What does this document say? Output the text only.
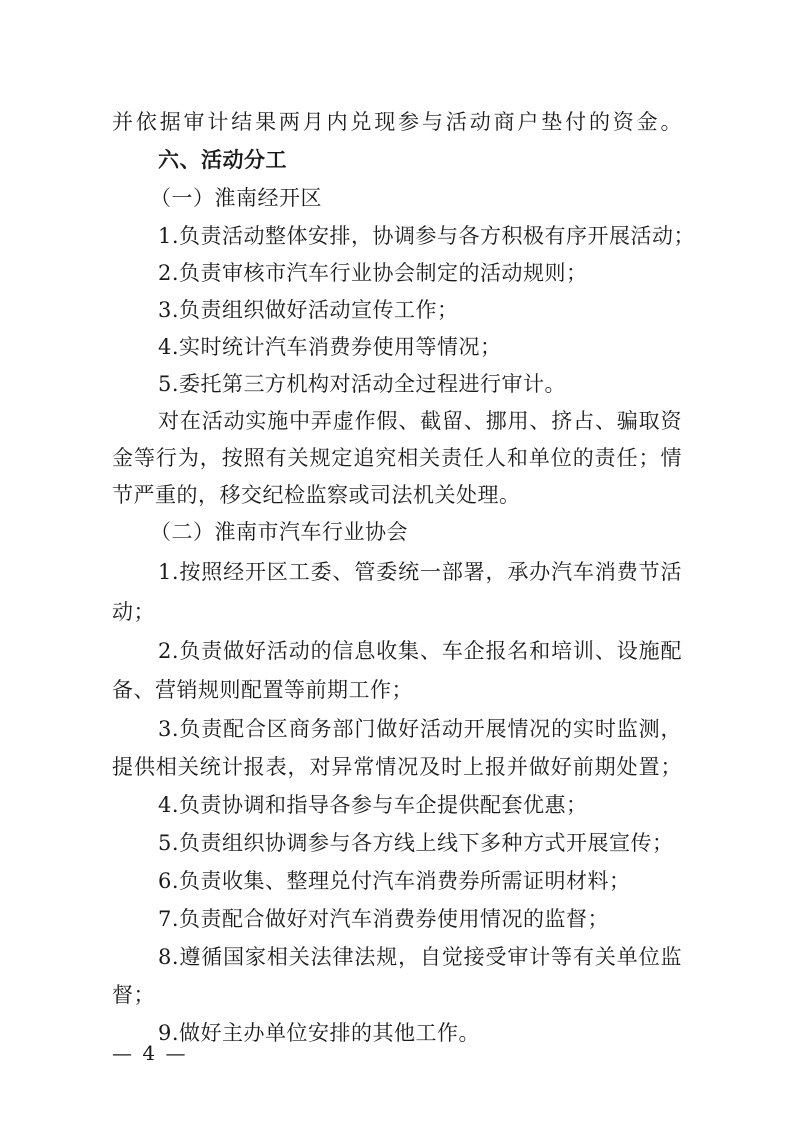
并依据审计结果两月内兑现参与活动商户垫付的资金。
六、活动分工
（一）淮南经开区
1.负责活动整体安排，协调参与各方积极有序开展活动；
2.负责审核市汽车行业协会制定的活动规则；
3.负责组织做好活动宣传工作；
4.实时统计汽车消费券使用等情况；
5.委托第三方机构对活动全过程进行审计。
对在活动实施中弄虚作假、截留、挪用、挤占、骗取资
金等行为，按照有关规定追究相关责任人和单位的责任；情
节严重的，移交纪检监察或司法机关处理。
（二）淮南市汽车行业协会
1.按照经开区工委、管委统一部署，承办汽车消费节活
动；
2.负责做好活动的信息收集、车企报名和培训、设施配
备、营销规则配置等前期工作；
3.负责配合区商务部门做好活动开展情况的实时监测，
提供相关统计报表，对异常情况及时上报并做好前期处置；
4.负责协调和指导各参与车企提供配套优惠；
5.负责组织协调参与各方线上线下多种方式开展宣传；
6.负责收集、整理兑付汽车消费券所需证明材料；
7.负责配合做好对汽车消费券使用情况的监督；
8.遵循国家相关法律法规，自觉接受审计等有关单位监
督；
9.做好主办单位安排的其他工作。
— 4 —
